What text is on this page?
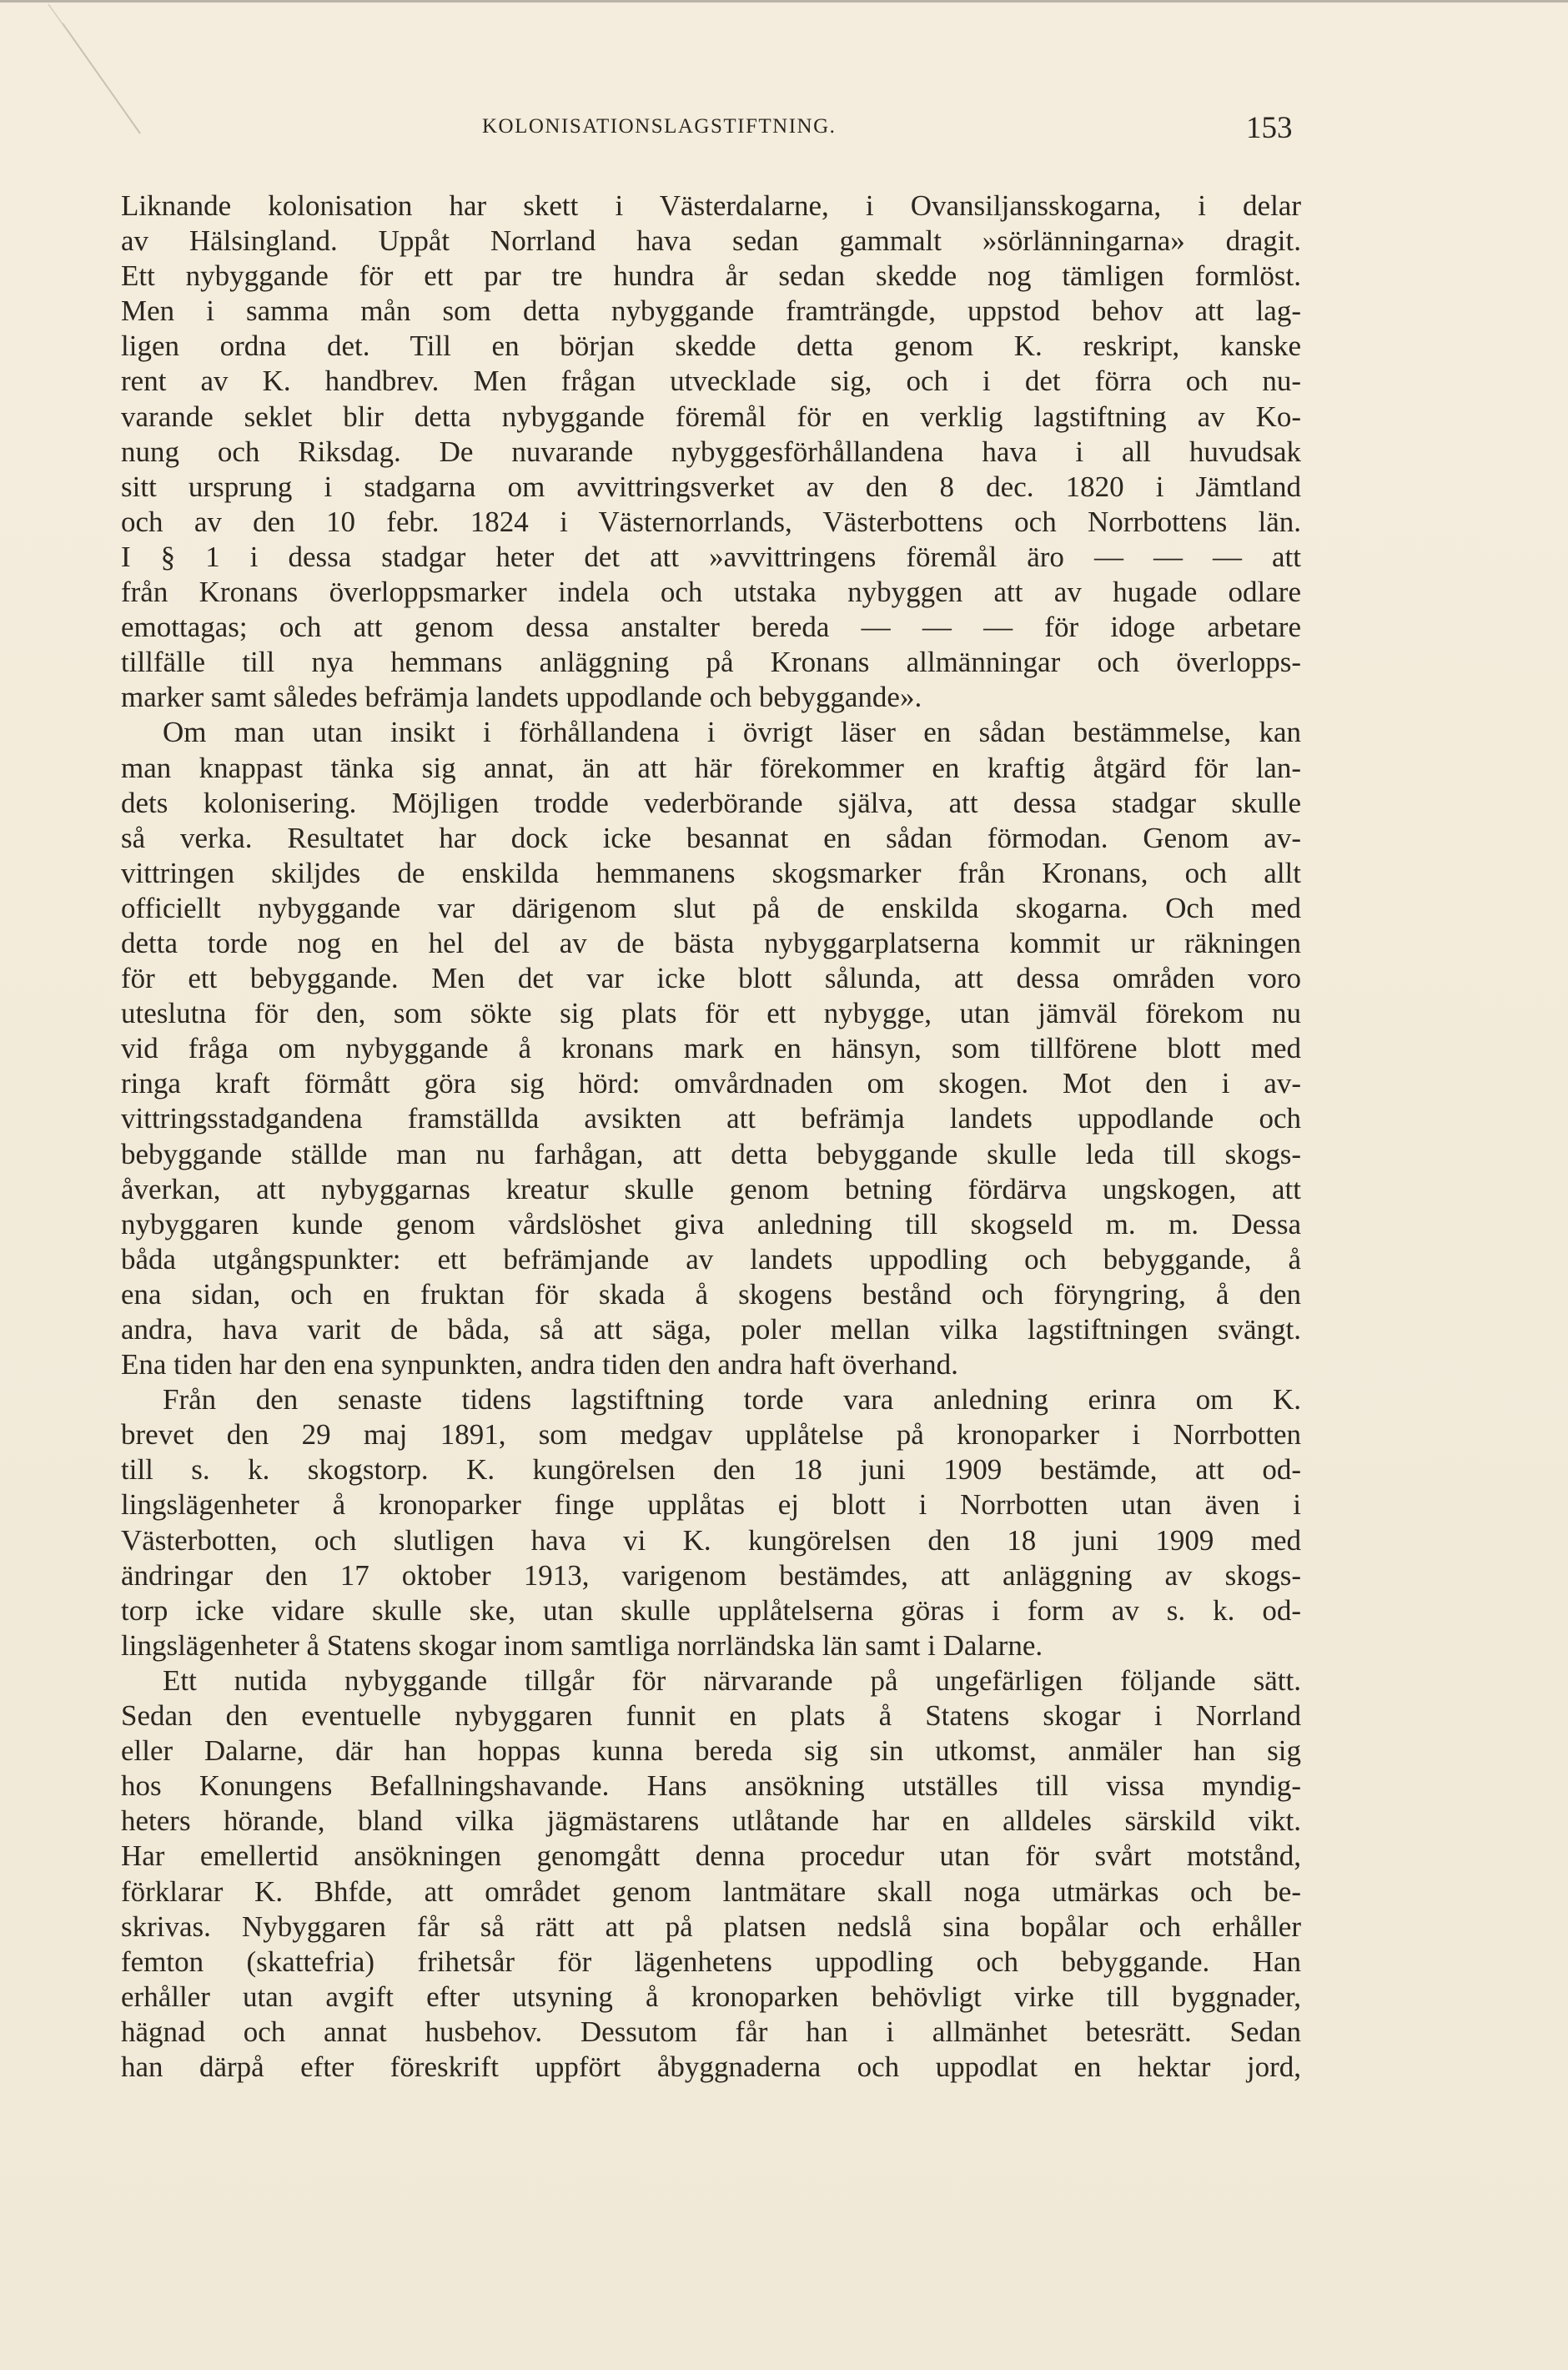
KOLONISATIONSLAGSTIFTNING.	153
Liknande kolonisation har skett i Västerdalarne, i Ovansiljansskogarna, i delar
av Hälsingland. Uppåt Norrland hava sedan gammalt »sörlänningarna» dragit.
Ett nybyggande för ett par tre hundra år sedan skedde nog tämligen formlöst.
Men i samma mån som detta nybyggande framträngde, uppstod behov att lag-
ligen ordna det. Till en början skedde detta genom K. reskript, kanske
rent av K. handbrev. Men frågan utvecklade sig, och i det förra och nu-
varande seklet blir detta nybyggande föremål för en verklig lagstiftning av Ko-
nung och Riksdag. De nuvarande nybyggesförhållandena hava i all huvudsak
sitt ursprung i stadgarna om avvittringsverket av den 8 dec. 1820 i Jämtland
och av den 10 febr. 1824 i Västernorrlands, Västerbottens och Norrbottens län.
I § 1 i dessa stadgar heter det att »avvittringens föremål äro — — — att
från Kronans överloppsmarker indela och utstaka nybyggen att av hugade odlare
emottagas; och att genom dessa anstalter bereda — — — för idoge arbetare
tillfälle till nya hemmans anläggning på Kronans allmänningar och överlopps-
marker samt således befrämja landets uppodlande och bebyggande».
Om man utan insikt i förhållandena i övrigt läser en sådan bestämmelse, kan
man knappast tänka sig annat, än att här förekommer en kraftig åtgärd för lan-
dets kolonisering. Möjligen trodde vederbörande själva, att dessa stadgar skulle
så verka. Resultatet har dock icke besannat en sådan förmodan. Genom av-
vittringen skiljdes de enskilda hemmanens skogsmarker från Kronans, och allt
officiellt nybyggande var därigenom slut på de enskilda skogarna. Och med
detta torde nog en hel del av de bästa nybyggarplatserna kommit ur räkningen
för ett bebyggande. Men det var icke blott sålunda, att dessa områden voro
uteslutna för den, som sökte sig plats för ett nybygge, utan jämväl förekom nu
vid fråga om nybyggande å kronans mark en hänsyn, som tillförene blott med
ringa kraft förmått göra sig hörd: omvårdnaden om skogen. Mot den i av-
vittringsstadgandena framställda avsikten att befrämja landets uppodlande och
bebyggande ställde man nu farhågan, att detta bebyggande skulle leda till skogs-
åverkan, att nybyggarnas kreatur skulle genom betning fördärva ungskogen, att
nybyggaren kunde genom vårdslöshet giva anledning till skogseld m. m. Dessa
båda utgångspunkter: ett befrämjande av landets uppodling och bebyggande, å
ena sidan, och en fruktan för skada å skogens bestånd och föryngring, å den
andra, hava varit de båda, så att säga, poler mellan vilka lagstiftningen svängt.
Ena tiden har den ena synpunkten, andra tiden den andra haft överhand.
Från den senaste tidens lagstiftning torde vara anledning erinra om K.
brevet den 29 maj 1891, som medgav upplåtelse på kronoparker i Norrbotten
till s. k. skogstorp. K. kungörelsen den 18 juni 1909 bestämde, att od-
lingslägenheter å kronoparker finge upplåtas ej blott i Norrbotten utan även i
Västerbotten, och slutligen hava vi K. kungörelsen den 18 juni 1909 med
ändringar den 17 oktober 1913, varigenom bestämdes, att anläggning av skogs-
torp icke vidare skulle ske, utan skulle upplåtelserna göras i form av s. k. od-
lingslägenheter å Statens skogar inom samtliga norrländska län samt i Dalarne.
Ett nutida nybyggande tillgår för närvarande på ungefärligen följande sätt.
Sedan den eventuelle nybyggaren funnit en plats å Statens skogar i Norrland
eller Dalarne, där han hoppas kunna bereda sig sin utkomst, anmäler han sig
hos Konungens Befallningshavande. Hans ansökning utställes till vissa myndig-
heters hörande, bland vilka jägmästarens utlåtande har en alldeles särskild vikt.
Har emellertid ansökningen genomgått denna procedur utan för svårt motstånd,
förklarar K. Bhfde, att området genom lantmätare skall noga utmärkas och be-
skrivas. Nybyggaren får så rätt att på platsen nedslå sina bopålar och erhåller
femton (skattefria) frihetsår för lägenhetens uppodling och bebyggande. Han
erhåller utan avgift efter utsyning å kronoparken behövligt virke till byggnader,
hägnad och annat husbehov. Dessutom får han i allmänhet betesrätt. Sedan
han därpå efter föreskrift uppfört åbyggnaderna och uppodlat en hektar jord,
